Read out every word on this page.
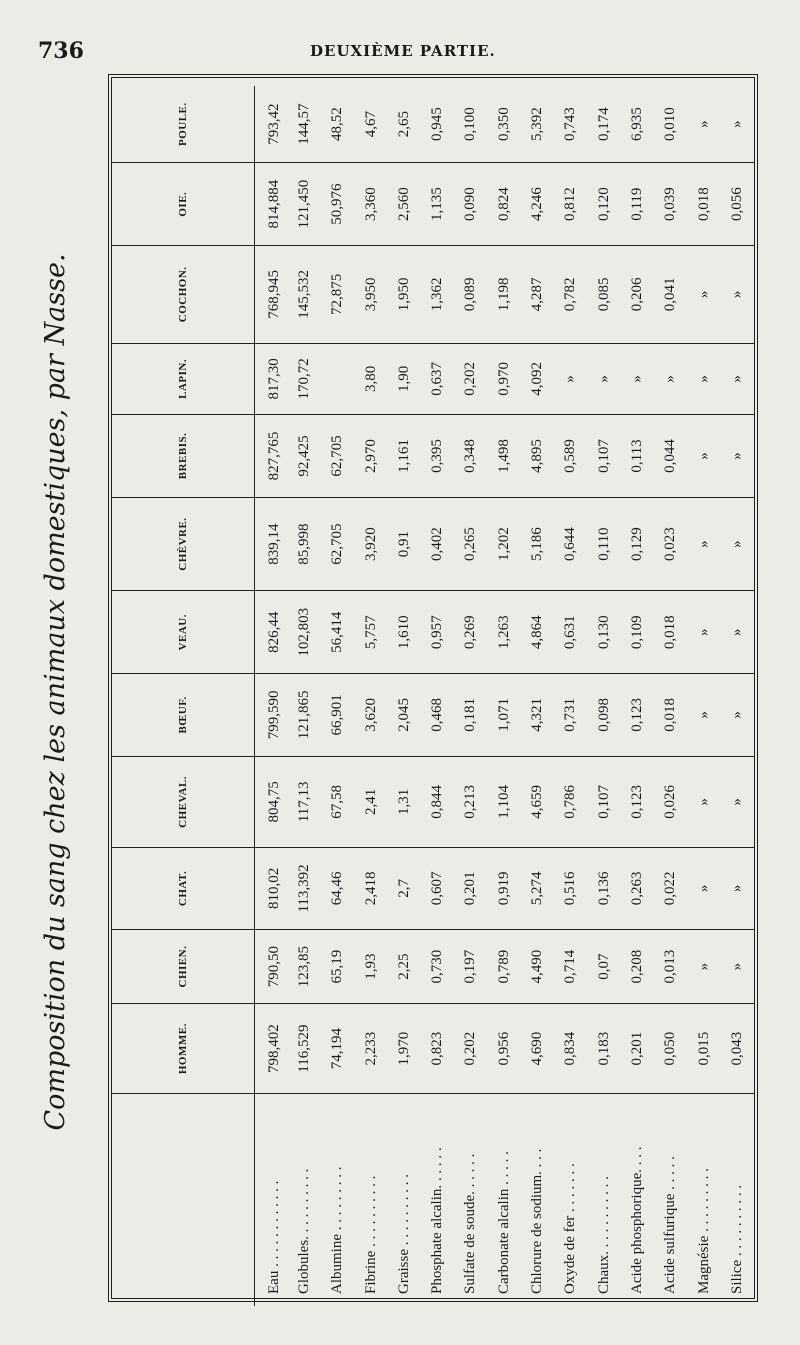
736	DEUXIÈME PARTIE.
Composition du sang chez les animaux domestiques, par Nasse.
		HOMME.	CHIEN.	CHAT.	CHEVAL.	BŒUF.	VEAU.	CHÈVRE.	BREBIS.	LAPIN.	COCHON.	OIE.	POULE.
Eau . . . . . . . . . . . .	798,402	790,50	810,02	804,75	799,590	826,44	839,14	827,765	817,30	768,945	814,884	793,42
Globules. . . . . . . . . .	116,529	123,85	113,392	117,13	121,865	102,803	85,998	92,425	170,72	145,532	121,450	144,57
Albumine . . . . . . . . .	74,194	65,19	64,46	67,58	66,901	56,414	62,705	62,705		72,875	50,976	48,52
Fibrine . . . . . . . . . .	2,233	1,93	2,418	2,41	3,620	5,757	3,920	2,970	3,80	3,950	3,360	4,67
Graisse . . . . . . . . . .	1,970	2,25	2,7	1,31	2,045	1,610	0,91	1,161	1,90	1,950	2,560	2,65
Phosphate alcalin. . . . . .	0,823	0,730	0,607	0,844	0,468	0,957	0,402	0,395	0,637	1,362	1,135	0,945
Sulfate de soude. . . . . .	0,202	0,197	0,201	0,213	0,181	0,269	0,265	0,348	0,202	0,089	0,090	0,100
Carbonate alcalin . . . . .	0,956	0,789	0,919	1,104	1,071	1,263	1,202	1,498	0,970	1,198	0,824	0,350
Chlorure de sodium. . . .	4,690	4,490	5,274	4,659	4,321	4,864	5,186	4,895	4,092	4,287	4,246	5,392
Oxyde de fer . . . . . . .	0,834	0,714	0,516	0,786	0,731	0,631	0,644	0,589	»	0,782	0,812	0,743
Chaux. . . . . . . . . . .	0,183	0,07	0,136	0,107	0,098	0,130	0,110	0,107	»	0,085	0,120	0,174
Acide phosphorique. . . .	0,201	0,208	0,263	0,123	0,123	0,109	0,129	0,113	»	0,206	0,119	6,935
Acide sulfurique . . . . .	0,050	0,013	0,022	0,026	0,018	0,018	0,023	0,044	»	0,041	0,039	0,010
Magnésie . . . . . . . . .	0,015	»	»	»	»	»	»	»	»	»	0,018	»
Silice . . . . . . . . . .	0,043	»	»	»	»	»	»	»	»	»	0,056	»
